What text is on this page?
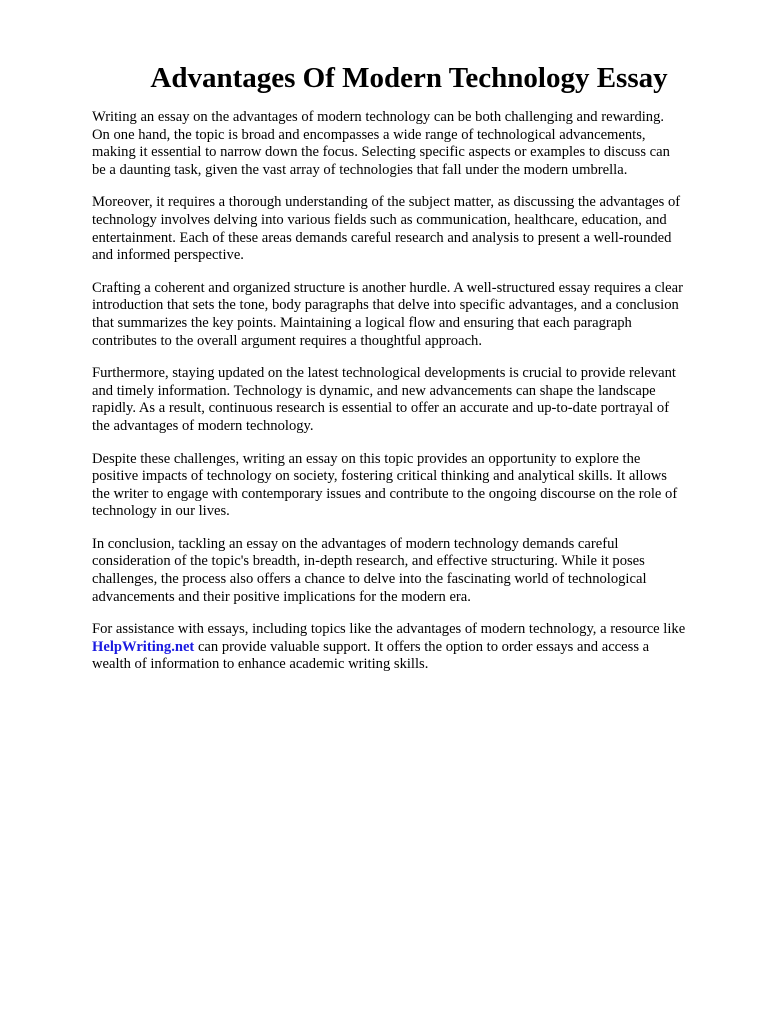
Advantages Of Modern Technology Essay

Writing an essay on the advantages of modern technology can be both challenging and rewarding.
On one hand, the topic is broad and encompasses a wide range of technological advancements,
making it essential to narrow down the focus. Selecting specific aspects or examples to discuss can
be a daunting task, given the vast array of technologies that fall under the modern umbrella.

Moreover, it requires a thorough understanding of the subject matter, as discussing the advantages of
technology involves delving into various fields such as communication, healthcare, education, and
entertainment. Each of these areas demands careful research and analysis to present a well-rounded
and informed perspective.

Crafting a coherent and organized structure is another hurdle. A well-structured essay requires a clear
introduction that sets the tone, body paragraphs that delve into specific advantages, and a conclusion
that summarizes the key points. Maintaining a logical flow and ensuring that each paragraph
contributes to the overall argument requires a thoughtful approach.

Furthermore, staying updated on the latest technological developments is crucial to provide relevant
and timely information. Technology is dynamic, and new advancements can shape the landscape
rapidly. As a result, continuous research is essential to offer an accurate and up-to-date portrayal of
the advantages of modern technology.

Despite these challenges, writing an essay on this topic provides an opportunity to explore the
positive impacts of technology on society, fostering critical thinking and analytical skills. It allows
the writer to engage with contemporary issues and contribute to the ongoing discourse on the role of
technology in our lives.

In conclusion, tackling an essay on the advantages of modern technology demands careful
consideration of the topic's breadth, in-depth research, and effective structuring. While it poses
challenges, the process also offers a chance to delve into the fascinating world of technological
advancements and their positive implications for the modern era.

For assistance with essays, including topics like the advantages of modern technology, a resource like
HelpWriting.net can provide valuable support. It offers the option to order essays and access a
wealth of information to enhance academic writing skills.
